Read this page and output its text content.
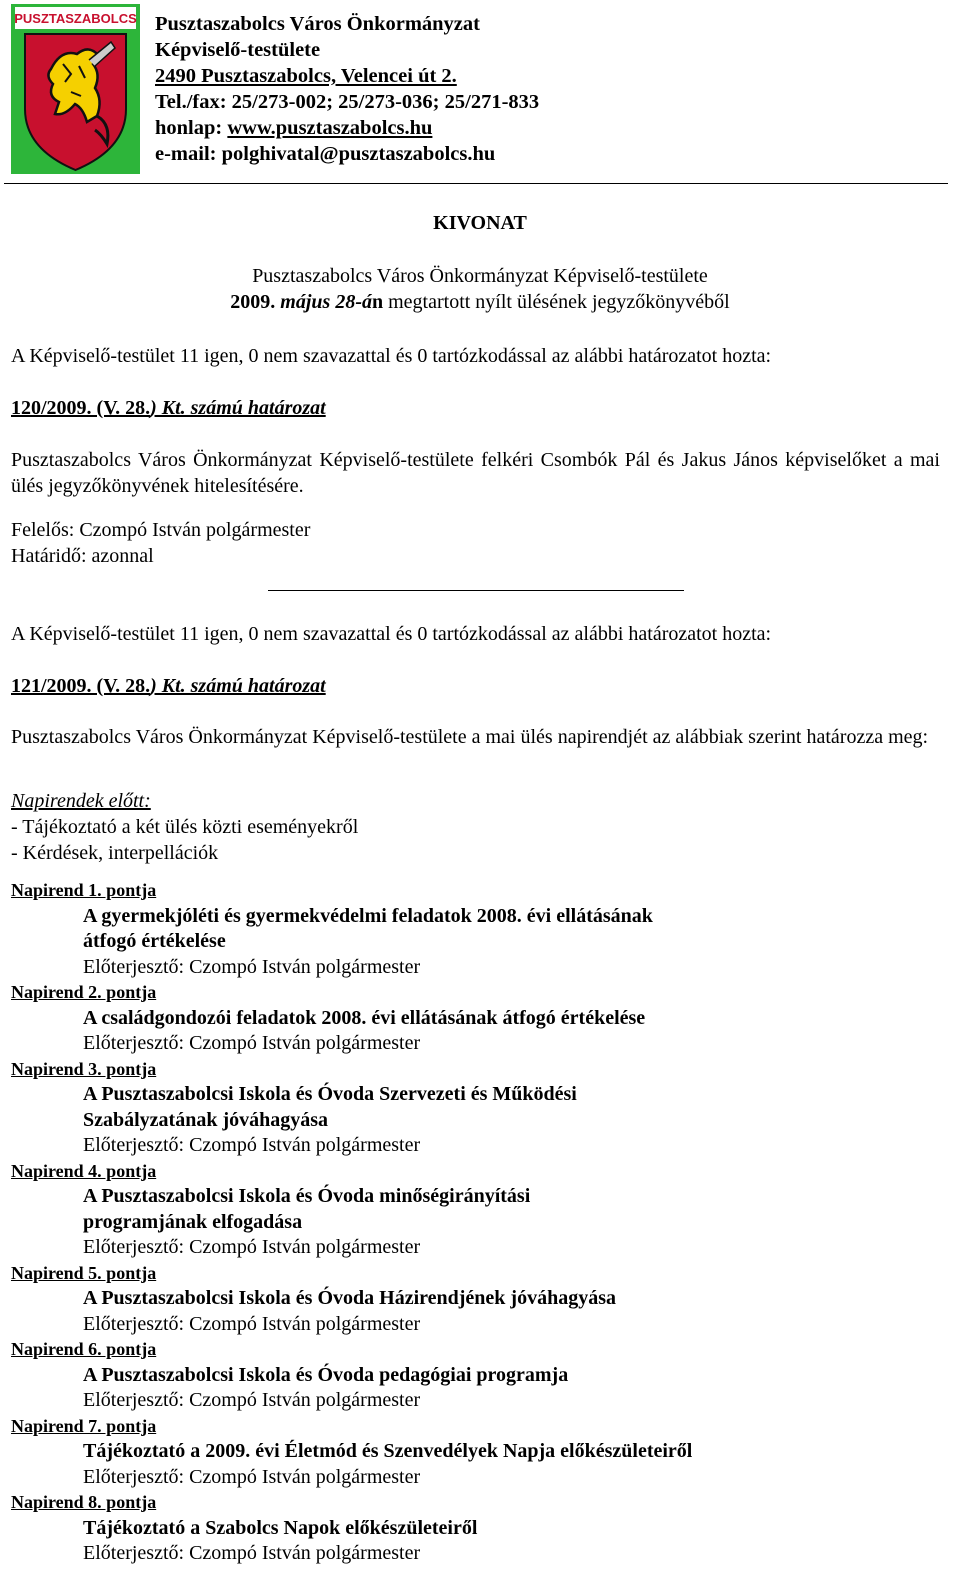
PUSZTASZABOLCS Pusztaszabolcs Város Önkormányzat
Képviselő-testülete
2490 Pusztaszabolcs, Velencei út 2.
Tel./fax: 25/273-002; 25/273-036; 25/271-833
honlap: www.pusztaszabolcs.hu
e-mail: polghivatal@pusztaszabolcs.hu
KIVONAT
Pusztaszabolcs Város Önkormányzat Képviselő-testülete
2009. május 28-án megtartott nyílt ülésének jegyzőkönyvéből
A Képviselő-testület 11 igen, 0 nem szavazattal és 0 tartózkodással az alábbi határozatot hozta:
120/2009. (V. 28.) Kt. számú határozat
Pusztaszabolcs Város Önkormányzat Képviselő-testülete felkéri Csombók Pál és Jakus János képviselőket a mai ülés jegyzőkönyvének hitelesítésére.
Felelős: Czompó István polgármester
Határidő: azonnal
A Képviselő-testület 11 igen, 0 nem szavazattal és 0 tartózkodással az alábbi határozatot hozta:
121/2009. (V. 28.) Kt. számú határozat
Pusztaszabolcs Város Önkormányzat Képviselő-testülete a mai ülés napirendjét az alábbiak szerint határozza meg:
Napirendek előtt:
- Tájékoztató a két ülés közti eseményekről
- Kérdések, interpellációk
Napirend 1. pontja
A gyermekjóléti és gyermekvédelmi feladatok 2008. évi ellátásának
átfogó értékelése
Előterjesztő: Czompó István polgármester
Napirend 2. pontja
A családgondozói feladatok 2008. évi ellátásának átfogó értékelése
Előterjesztő: Czompó István polgármester
Napirend 3. pontja
A Pusztaszabolcsi Iskola és Óvoda Szervezeti és Működési
Szabályzatának jóváhagyása
Előterjesztő: Czompó István polgármester
Napirend 4. pontja
A Pusztaszabolcsi Iskola és Óvoda minőségirányítási
programjának elfogadása
Előterjesztő: Czompó István polgármester
Napirend 5. pontja
A Pusztaszabolcsi Iskola és Óvoda Házirendjének jóváhagyása
Előterjesztő: Czompó István polgármester
Napirend 6. pontja
A Pusztaszabolcsi Iskola és Óvoda pedagógiai programja
Előterjesztő: Czompó István polgármester
Napirend 7. pontja
Tájékoztató a 2009. évi Életmód és Szenvedélyek Napja előkészületeiről
Előterjesztő: Czompó István polgármester
Napirend 8. pontja
Tájékoztató a Szabolcs Napok előkészületeiről
Előterjesztő: Czompó István polgármester
